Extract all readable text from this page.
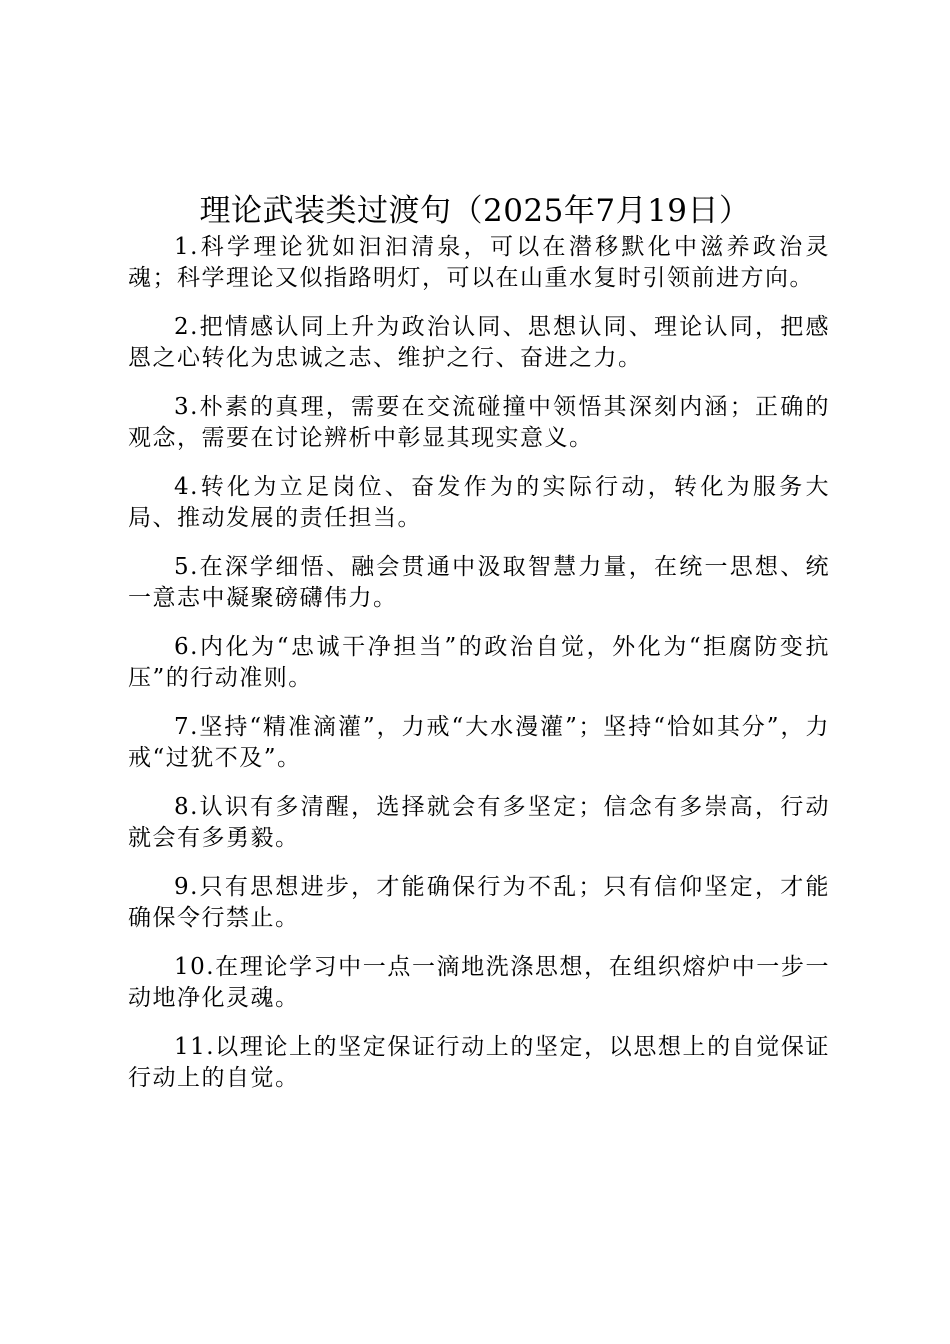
理论武装类过渡句（2025年7月19日）

1.科学理论犹如汩汩清泉，可以在潜移默化中滋养政治灵魂；科学理论又似指路明灯，可以在山重水复时引领前进方向。

2.把情感认同上升为政治认同、思想认同、理论认同，把感恩之心转化为忠诚之志、维护之行、奋进之力。

3.朴素的真理，需要在交流碰撞中领悟其深刻内涵；正确的观念，需要在讨论辨析中彰显其现实意义。

4.转化为立足岗位、奋发作为的实际行动，转化为服务大局、推动发展的责任担当。

5.在深学细悟、融会贯通中汲取智慧力量，在统一思想、统一意志中凝聚磅礴伟力。

6.内化为“忠诚干净担当”的政治自觉，外化为“拒腐防变抗压”的行动准则。

7.坚持“精准滴灌”，力戒“大水漫灌”；坚持“恰如其分”，力戒“过犹不及”。

8.认识有多清醒，选择就会有多坚定；信念有多崇高，行动就会有多勇毅。

9.只有思想进步，才能确保行为不乱；只有信仰坚定，才能确保令行禁止。

10.在理论学习中一点一滴地洗涤思想，在组织熔炉中一步一动地净化灵魂。

11.以理论上的坚定保证行动上的坚定，以思想上的自觉保证行动上的自觉。
